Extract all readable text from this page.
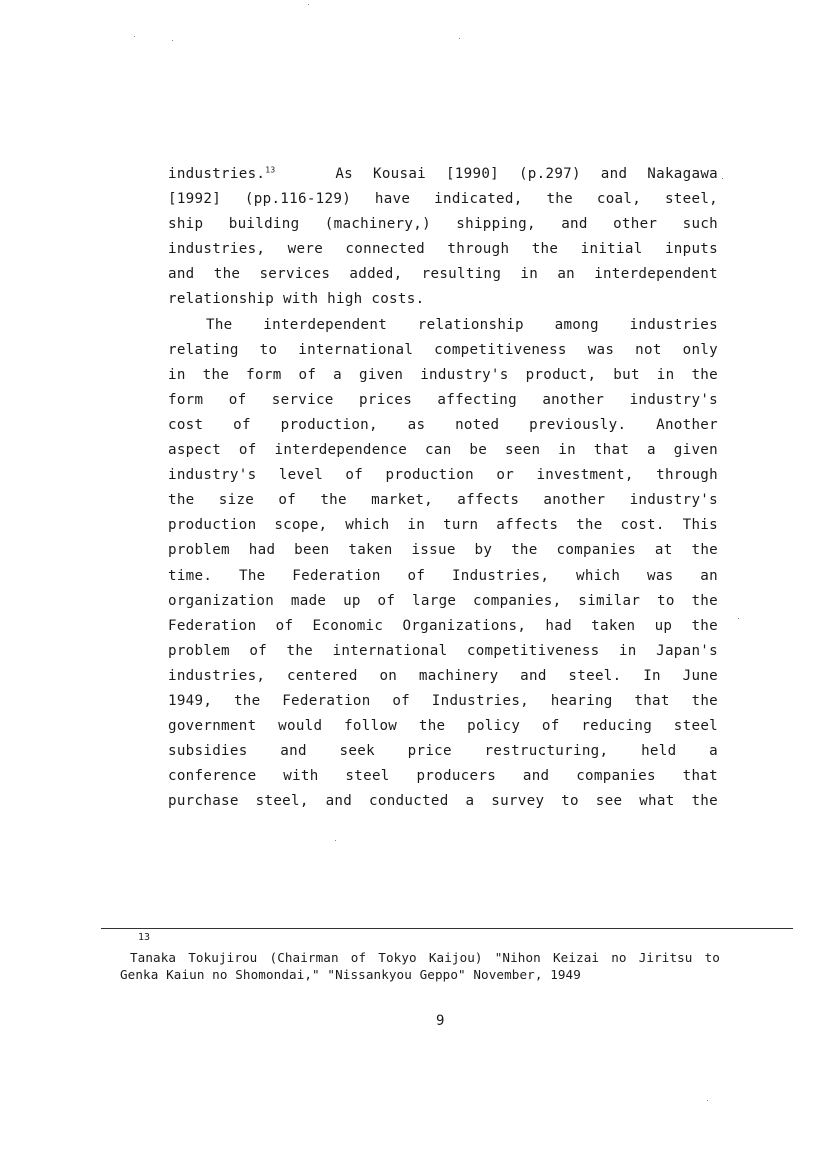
industries.$^{13}$	As Kousai [1990] (p.297) and Nakagawa
[1992] (pp.116-129) have indicated, the coal, steel,
ship building (machinery,) shipping, and other such
industries, were connected through the initial inputs
and the services added, resulting in an interdependent
relationship with high costs.
The interdependent relationship among industries
relating to international competitiveness was not only
in the form of a given industry's product, but in the
form of service prices affecting another industry's
cost of production, as noted previously. Another
aspect of interdependence can be seen in that a given
industry's level of production or investment, through
the size of the market, affects another industry's
production scope, which in turn affects the cost. This
problem had been taken issue by the companies at the
time. The Federation of Industries, which was an
organization made up of large companies, similar to the
Federation of Economic Organizations, had taken up the
problem of the international competitiveness in Japan's
industries, centered on machinery and steel. In June
1949, the Federation of Industries, hearing that the
government would follow the policy of reducing steel
subsidies and seek price restructuring, held a
conference with steel producers and companies that
purchase steel, and conducted a survey to see what the
13
Tanaka Tokujirou (Chairman of Tokyo Kaijou) "Nihon Keizai no Jiritsu to
Genka Kaiun no Shomondai," "Nissankyou Geppo" November, 1949
9
